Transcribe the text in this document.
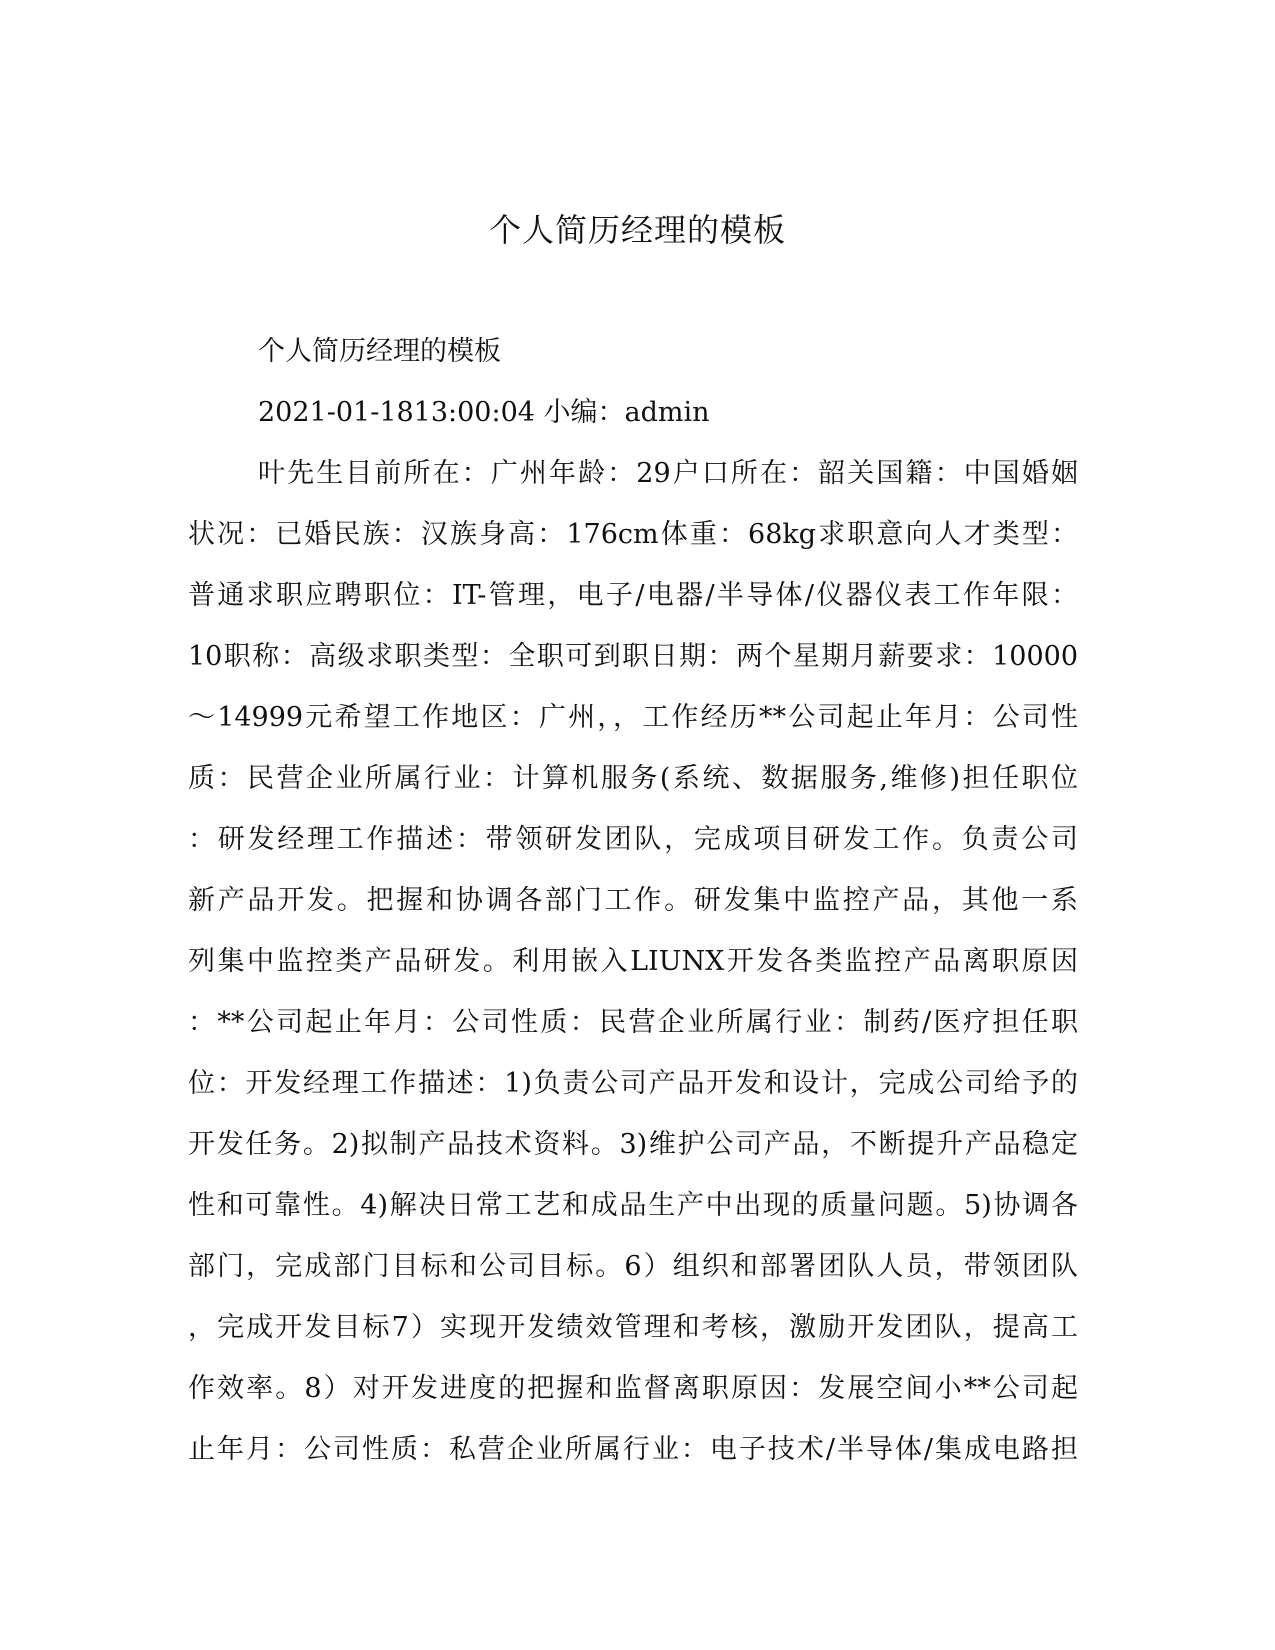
个人简历经理的模板
个人简历经理的模板
2021-01-1813:00:04 小编：admin
叶先生目前所在：广州年龄：29户口所在：韶关国籍：中国婚姻
状况：已婚民族：汉族身高：176cm体重：68kg求职意向人才类型：
普通求职应聘职位：IT-管理，电子/电器/半导体/仪器仪表工作年限：
10职称：高级求职类型：全职可到职日期：两个星期月薪要求：10000
～14999元希望工作地区：广州，，工作经历**公司起止年月：公司性
质：民营企业所属行业：计算机服务(系统、数据服务,维修)担任职位
：研发经理工作描述：带领研发团队，完成项目研发工作。负责公司
新产品开发。把握和协调各部门工作。研发集中监控产品，其他一系
列集中监控类产品研发。利用嵌入LIUNX开发各类监控产品离职原因
：**公司起止年月：公司性质：民营企业所属行业：制药/医疗担任职
位：开发经理工作描述：1)负责公司产品开发和设计，完成公司给予的
开发任务。2)拟制产品技术资料。3)维护公司产品，不断提升产品稳定
性和可靠性。4)解决日常工艺和成品生产中出现的质量问题。5)协调各
部门，完成部门目标和公司目标。6）组织和部署团队人员，带领团队
，完成开发目标7）实现开发绩效管理和考核，激励开发团队，提高工
作效率。8）对开发进度的把握和监督离职原因：发展空间小**公司起
止年月：公司性质：私营企业所属行业：电子技术/半导体/集成电路担
